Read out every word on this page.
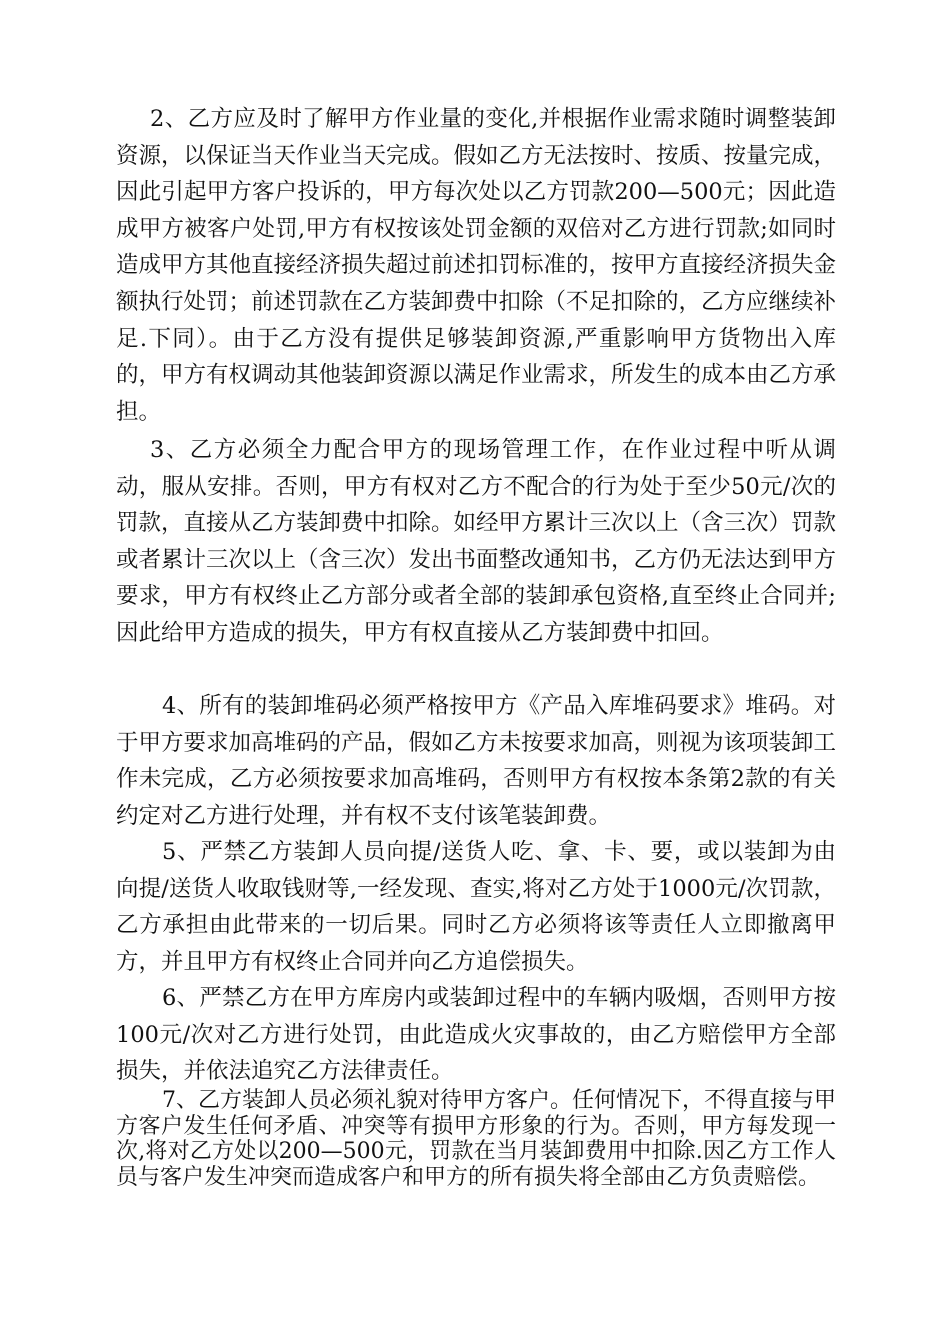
2、乙方应及时了解甲方作业量的变化,并根据作业需求随时调整装卸资源，以保证当天作业当天完成。假如乙方无法按时、按质、按量完成，因此引起甲方客户投诉的，甲方每次处以乙方罚款200—500元；因此造成甲方被客户处罚,甲方有权按该处罚金额的双倍对乙方进行罚款;如同时造成甲方其他直接经济损失超过前述扣罚标准的，按甲方直接经济损失金额执行处罚；前述罚款在乙方装卸费中扣除（不足扣除的，乙方应继续补足.下同）。由于乙方没有提供足够装卸资源,严重影响甲方货物出入库的，甲方有权调动其他装卸资源以满足作业需求，所发生的成本由乙方承担。

3、乙方必须全力配合甲方的现场管理工作，在作业过程中听从调动，服从安排。否则，甲方有权对乙方不配合的行为处于至少50元/次的罚款，直接从乙方装卸费中扣除。如经甲方累计三次以上（含三次）罚款或者累计三次以上（含三次）发出书面整改通知书，乙方仍无法达到甲方要求，甲方有权终止乙方部分或者全部的装卸承包资格,直至终止合同并;因此给甲方造成的损失，甲方有权直接从乙方装卸费中扣回。

4、所有的装卸堆码必须严格按甲方《产品入库堆码要求》堆码。对于甲方要求加高堆码的产品，假如乙方未按要求加高，则视为该项装卸工作未完成，乙方必须按要求加高堆码，否则甲方有权按本条第2款的有关约定对乙方进行处理，并有权不支付该笔装卸费。

5、严禁乙方装卸人员向提/送货人吃、拿、卡、要，或以装卸为由向提/送货人收取钱财等,一经发现、查实,将对乙方处于1000元/次罚款，乙方承担由此带来的一切后果。同时乙方必须将该等责任人立即撤离甲方，并且甲方有权终止合同并向乙方追偿损失。

6、严禁乙方在甲方库房内或装卸过程中的车辆内吸烟，否则甲方按100元/次对乙方进行处罚，由此造成火灾事故的，由乙方赔偿甲方全部损失，并依法追究乙方法律责任。

7、乙方装卸人员必须礼貌对待甲方客户。任何情况下，不得直接与甲方客户发生任何矛盾、冲突等有损甲方形象的行为。否则，甲方每发现一次,将对乙方处以200—500元，罚款在当月装卸费用中扣除.因乙方工作人员与客户发生冲突而造成客户和甲方的所有损失将全部由乙方负责赔偿。
